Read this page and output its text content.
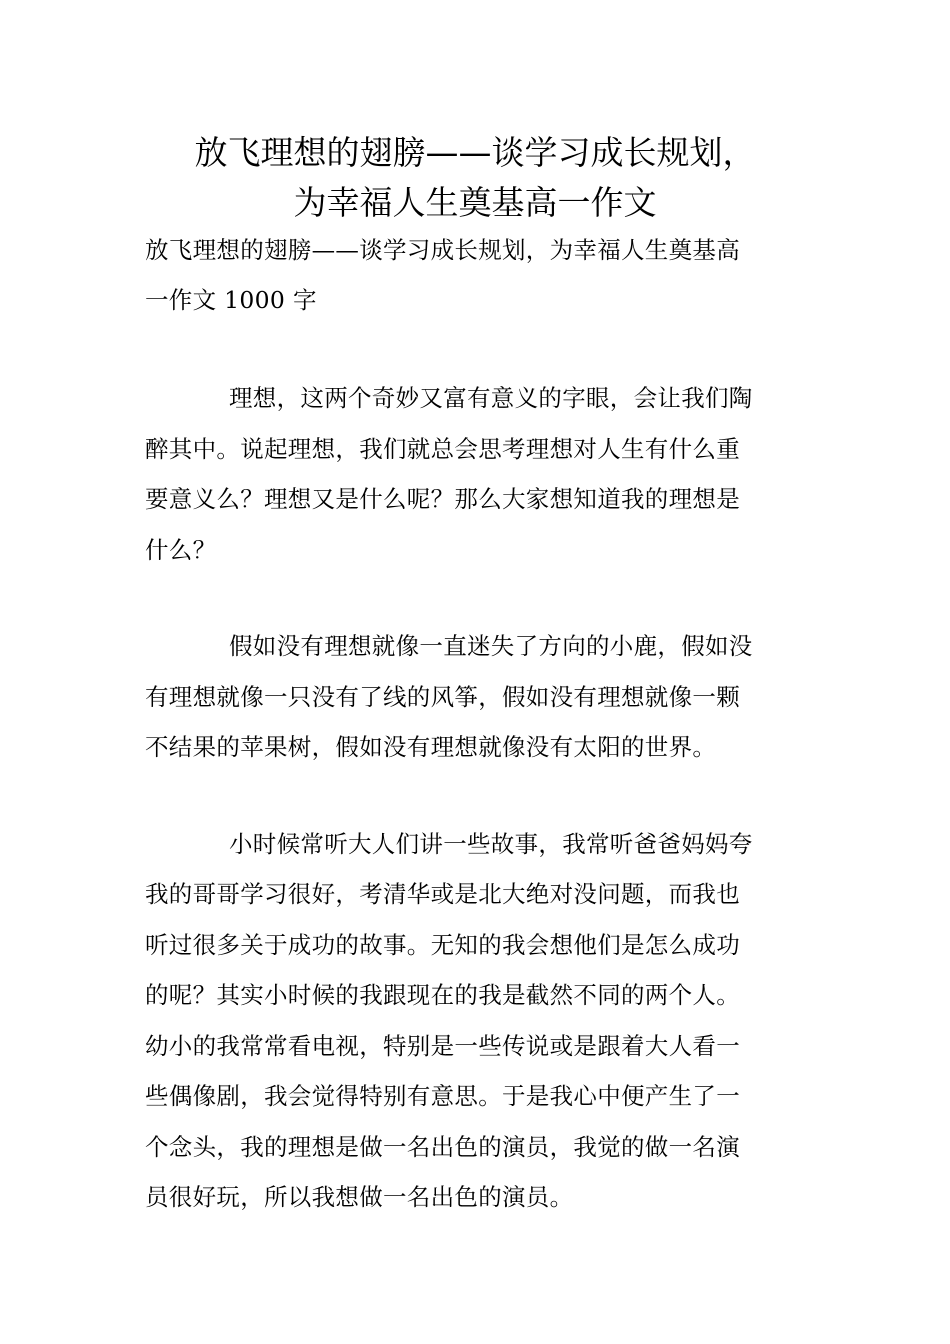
放飞理想的翅膀——谈学习成长规划，
为幸福人生奠基高一作文

放飞理想的翅膀——谈学习成长规划，为幸福人生奠基高

一作文 1000 字

理想，这两个奇妙又富有意义的字眼，会让我们陶

醉其中。说起理想，我们就总会思考理想对人生有什么重

要意义么？理想又是什么呢？那么大家想知道我的理想是

什么？

假如没有理想就像一直迷失了方向的小鹿，假如没

有理想就像一只没有了线的风筝，假如没有理想就像一颗

不结果的苹果树，假如没有理想就像没有太阳的世界。

小时候常听大人们讲一些故事，我常听爸爸妈妈夸

我的哥哥学习很好，考清华或是北大绝对没问题，而我也

听过很多关于成功的故事。无知的我会想他们是怎么成功

的呢？其实小时候的我跟现在的我是截然不同的两个人。

幼小的我常常看电视，特别是一些传说或是跟着大人看一

些偶像剧，我会觉得特别有意思。于是我心中便产生了一

个念头，我的理想是做一名出色的演员，我觉的做一名演

员很好玩，所以我想做一名出色的演员。
